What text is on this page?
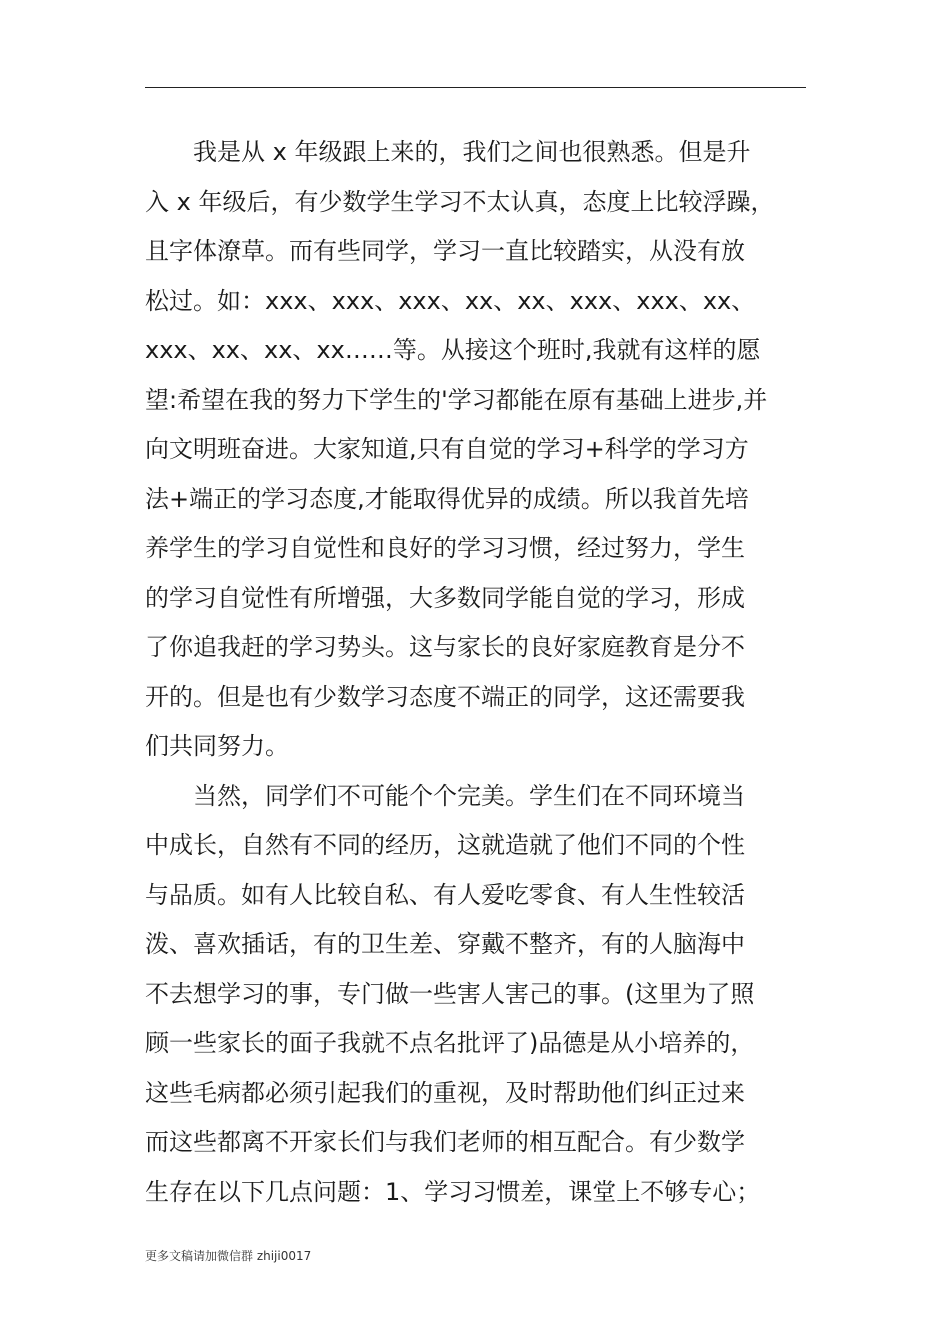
我是从 x 年级跟上来的，我们之间也很熟悉。但是升
入 x 年级后，有少数学生学习不太认真，态度上比较浮躁，
且字体潦草。而有些同学，学习一直比较踏实，从没有放
松过。如：xxx、xxx、xxx、xx、xx、xxx、xxx、xx、
xxx、xx、xx、xx……等。从接这个班时,我就有这样的愿
望:希望在我的努力下学生的'学习都能在原有基础上进步,并
向文明班奋进。大家知道,只有自觉的学习+科学的学习方
法+端正的学习态度,才能取得优异的成绩。所以我首先培
养学生的学习自觉性和良好的学习习惯，经过努力，学生
的学习自觉性有所增强，大多数同学能自觉的学习，形成
了你追我赶的学习势头。这与家长的良好家庭教育是分不
开的。但是也有少数学习态度不端正的同学，这还需要我
们共同努力。
当然，同学们不可能个个完美。学生们在不同环境当
中成长，自然有不同的经历，这就造就了他们不同的个性
与品质。如有人比较自私、有人爱吃零食、有人生性较活
泼、喜欢插话，有的卫生差、穿戴不整齐，有的人脑海中
不去想学习的事，专门做一些害人害己的事。(这里为了照
顾一些家长的面子我就不点名批评了)品德是从小培养的，
这些毛病都必须引起我们的重视，及时帮助他们纠正过来
而这些都离不开家长们与我们老师的相互配合。有少数学
生存在以下几点问题：1、学习习惯差，课堂上不够专心；
更多文稿请加微信群 zhiji0017
